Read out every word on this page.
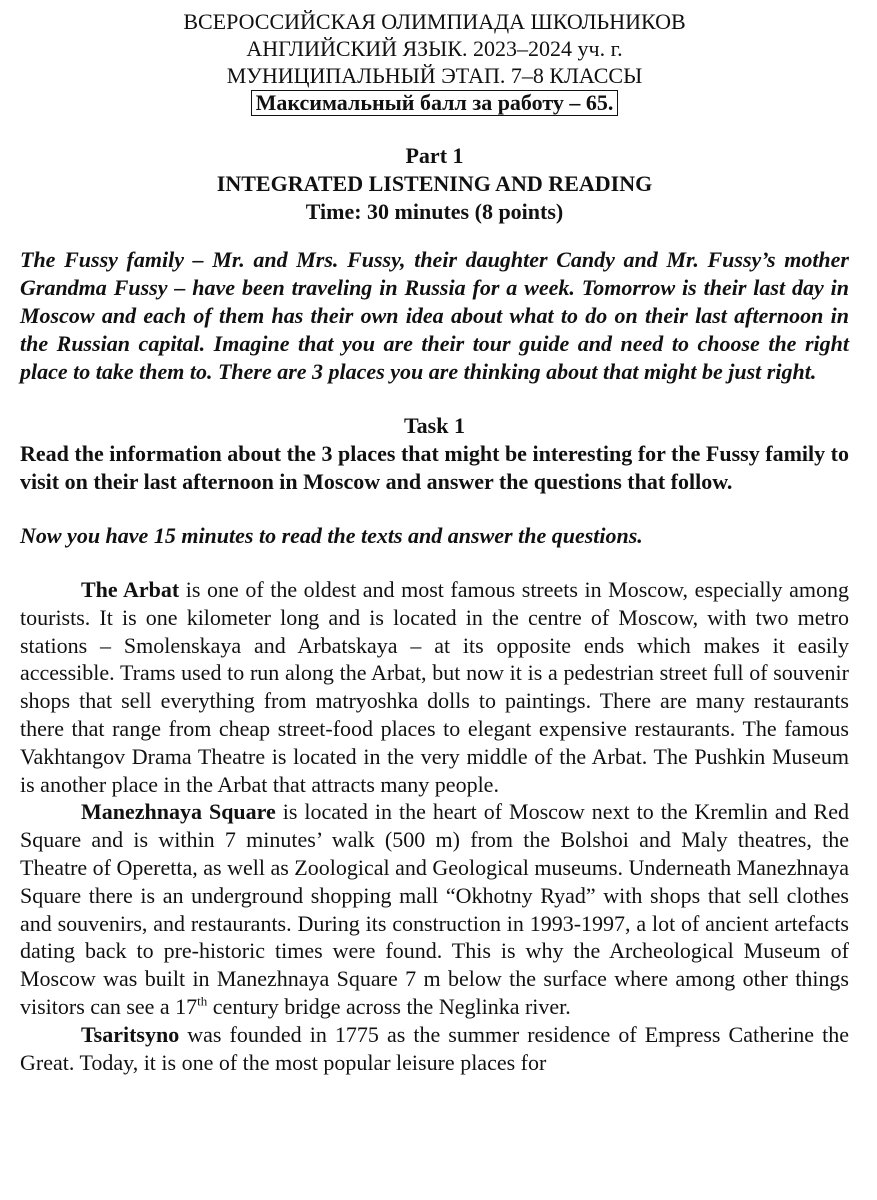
ВСЕРОССИЙСКАЯ ОЛИМПИАДА ШКОЛЬНИКОВ
АНГЛИЙСКИЙ ЯЗЫК. 2023–2024 уч. г.
МУНИЦИПАЛЬНЫЙ ЭТАП. 7–8 КЛАССЫ
Максимальный балл за работу – 65.
Part 1
INTEGRATED LISTENING AND READING
Time: 30 minutes (8 points)
The Fussy family – Mr. and Mrs. Fussy, their daughter Candy and Mr. Fussy’s mother Grandma Fussy – have been traveling in Russia for a week. Tomorrow is their last day in Moscow and each of them has their own idea about what to do on their last afternoon in the Russian capital. Imagine that you are their tour guide and need to choose the right place to take them to. There are 3 places you are thinking about that might be just right.
Task 1
Read the information about the 3 places that might be interesting for the Fussy family to visit on their last afternoon in Moscow and answer the questions that follow.
Now you have 15 minutes to read the texts and answer the questions.

The Arbat is one of the oldest and most famous streets in Moscow, especially among tourists. It is one kilometer long and is located in the centre of Moscow, with two metro stations – Smolenskaya and Arbatskaya – at its opposite ends which makes it easily accessible. Trams used to run along the Arbat, but now it is a pedestrian street full of souvenir shops that sell everything from matryoshka dolls to paintings. There are many restaurants there that range from cheap street-food places to elegant expensive restaurants. The famous Vakhtangov Drama Theatre is located in the very middle of the Arbat. The Pushkin Museum is another place in the Arbat that attracts many people.

Manezhnaya Square is located in the heart of Moscow next to the Kremlin and Red Square and is within 7 minutes’ walk (500 m) from the Bolshoi and Maly theatres, the Theatre of Operetta, as well as Zoological and Geological museums. Underneath Manezhnaya Square there is an underground shopping mall “Okhotny Ryad” with shops that sell clothes and souvenirs, and restaurants. During its construction in 1993-1997, a lot of ancient artefacts dating back to pre-historic times were found. This is why the Archeological Museum of Moscow was built in Manezhnaya Square 7 m below the surface where among other things visitors can see a 17th century bridge across the Neglinka river.

Tsaritsyno was founded in 1775 as the summer residence of Empress Catherine the Great. Today, it is one of the most popular leisure places for
